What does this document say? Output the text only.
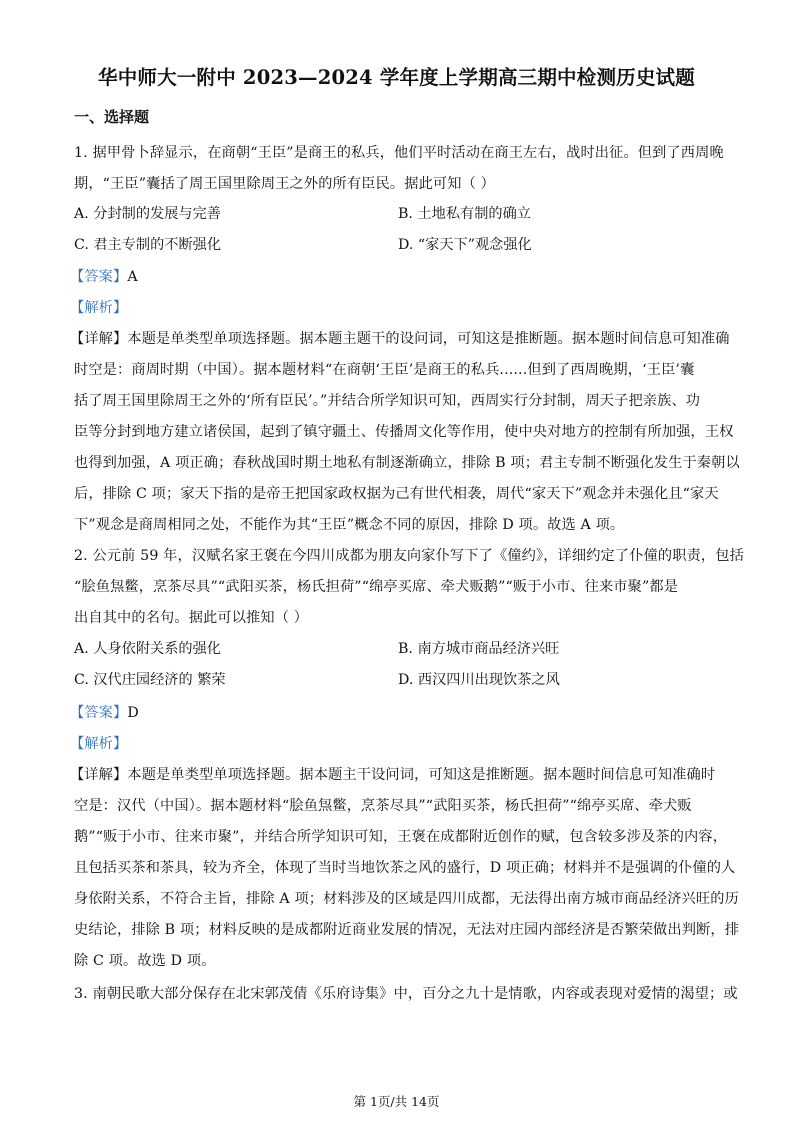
华中师大一附中 2023—2024 学年度上学期高三期中检测历史试题
一、选择题
1. 据甲骨卜辞显示，在商朝“王臣”是商王的私兵，他们平时活动在商王左右，战时出征。但到了西周晚
期，“王臣”囊括了周王国里除周王之外的所有臣民。据此可知（ ）
A. 分封制的发展与完善	B. 土地私有制的确立
C. 君主专制的不断强化	D. “家天下”观念强化
【答案】A
【解析】
【详解】本题是单类型单项选择题。据本题主题干的设问词，可知这是推断题。据本题时间信息可知准确
时空是：商周时期（中国）。据本题材料“在商朝‘王臣’是商王的私兵......但到了西周晚期，‘王臣’囊
括了周王国里除周王之外的‘所有臣民’。”并结合所学知识可知，西周实行分封制，周天子把亲族、功
臣等分封到地方建立诸侯国，起到了镇守疆土、传播周文化等作用，使中央对地方的控制有所加强，王权
也得到加强，A 项正确；春秋战国时期土地私有制逐渐确立，排除 B 项；君主专制不断强化发生于秦朝以
后，排除 C 项；家天下指的是帝王把国家政权据为己有世代相袭，周代“家天下”观念并未强化且“家天
下”观念是商周相同之处，不能作为其“王臣”概念不同的原因，排除 D 项。故选 A 项。
2. 公元前 59 年，汉赋名家王褒在今四川成都为朋友向家仆写下了《僮约》，详细约定了仆僮的职责，包括
“脍鱼炰鳖，烹茶尽具”“武阳买茶，杨氏担荷”“绵亭买席、牵犬贩鹅”“贩于小市、往来市聚”都是
出自其中的名句。据此可以推知（ ）
A. 人身依附关系的强化	B. 南方城市商品经济兴旺
C. 汉代庄园经济的 繁荣	D. 西汉四川出现饮茶之风
【答案】D
【解析】
【详解】本题是单类型单项选择题。据本题主干设问词，可知这是推断题。据本题时间信息可知准确时
空是：汉代（中国）。据本题材料“脍鱼炰鳖，烹茶尽具”“武阳买茶，杨氏担荷”“绵亭买席、牵犬贩
鹅”“贩于小市、往来市聚”，并结合所学知识可知，王褒在成都附近创作的赋，包含较多涉及茶的内容，
且包括买茶和茶具，较为齐全，体现了当时当地饮茶之风的盛行，D 项正确；材料并不是强调的仆僮的人
身依附关系，不符合主旨，排除 A 项；材料涉及的区域是四川成都，无法得出南方城市商品经济兴旺的历
史结论，排除 B 项；材料反映的是成都附近商业发展的情况，无法对庄园内部经济是否繁荣做出判断，排
除 C 项。故选 D 项。
3. 南朝民歌大部分保存在北宋郭茂倩《乐府诗集》中，百分之九十是情歌，内容或表现对爱情的渴望；或
第 1页/共 14页
